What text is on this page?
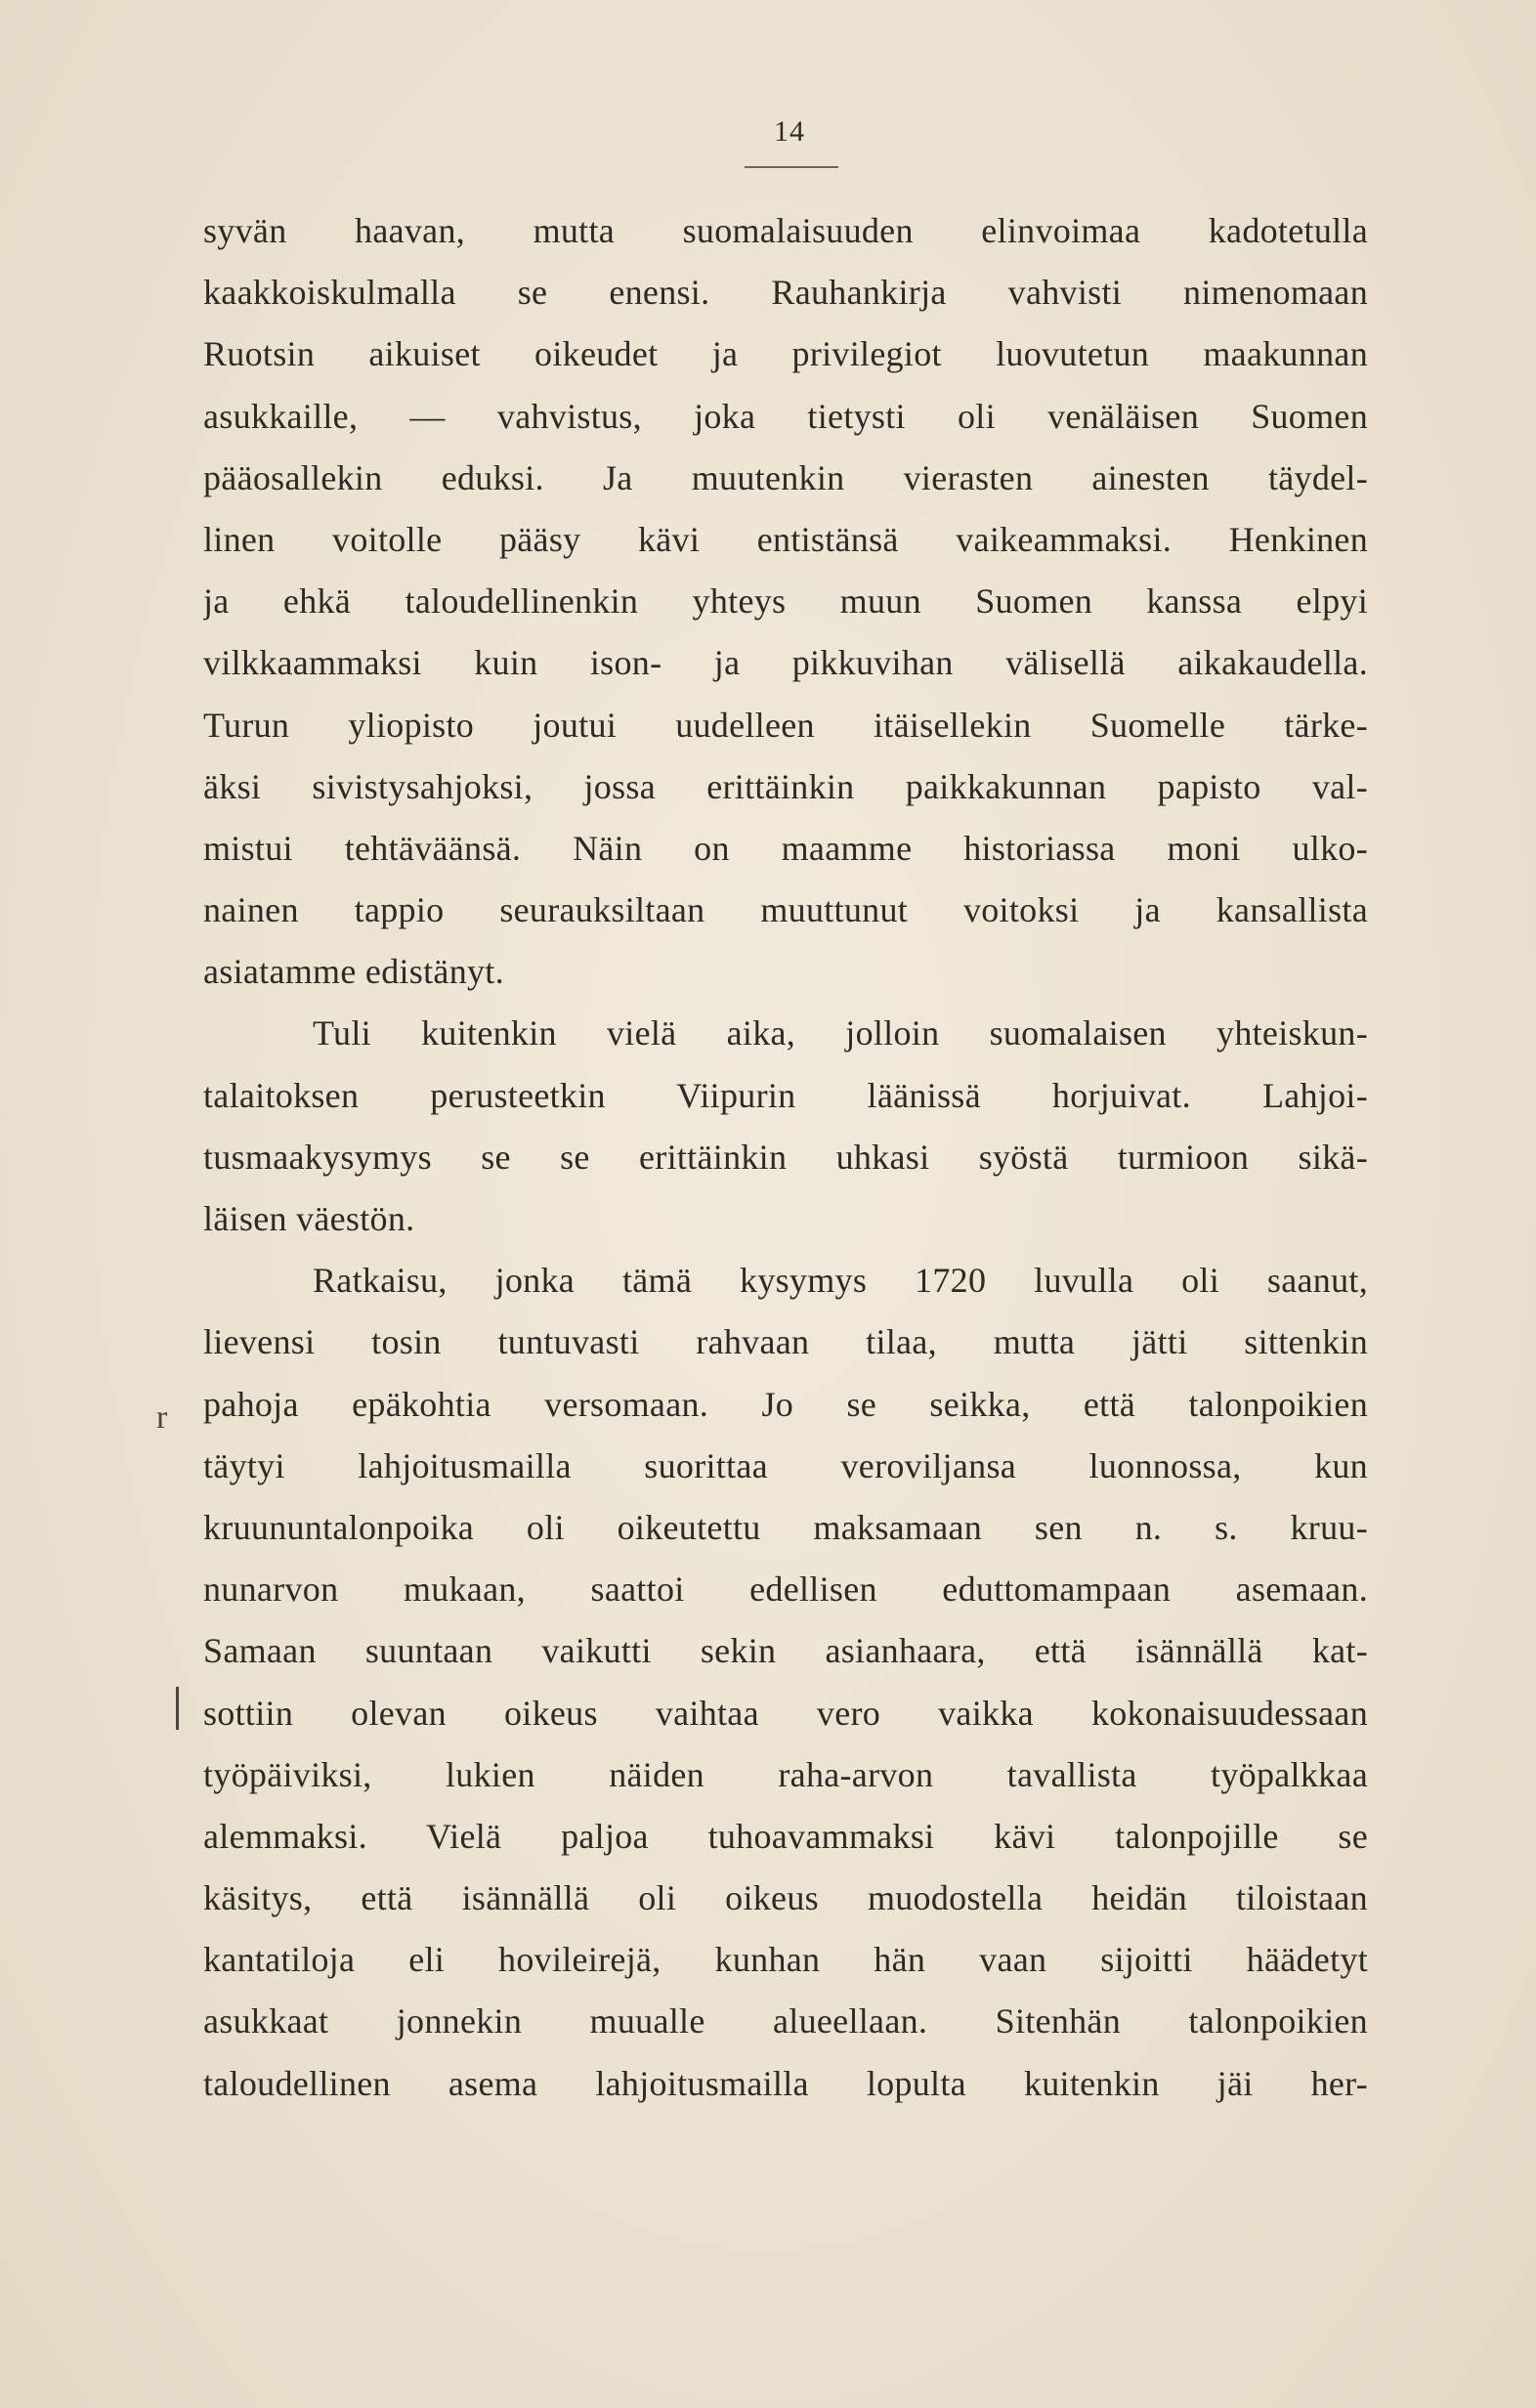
14
syvän haavan, mutta suomalaisuuden elinvoimaa kadotetulla
kaakkoiskulmalla se enensi. Rauhankirja vahvisti nimenomaan
Ruotsin aikuiset oikeudet ja privilegiot luovutetun maakunnan
asukkaille, — vahvistus, joka tietysti oli venäläisen Suomen
pääosallekin eduksi. Ja muutenkin vierasten ainesten täydel-
linen voitolle pääsy kävi entistänsä vaikeammaksi. Henkinen
ja ehkä taloudellinenkin yhteys muun Suomen kanssa elpyi
vilkkaammaksi kuin ison- ja pikkuvihan välisellä aikakaudella.
Turun yliopisto joutui uudelleen itäisellekin Suomelle tärke-
äksi sivistysahjoksi, jossa erittäinkin paikkakunnan papisto val-
mistui tehtäväänsä. Näin on maamme historiassa moni ulko-
nainen tappio seurauksiltaan muuttunut voitoksi ja kansallista
asiatamme edistänyt.
Tuli kuitenkin vielä aika, jolloin suomalaisen yhteiskun-
talaitoksen perusteetkin Viipurin läänissä horjuivat. Lahjoi-
tusmaakysymys se se erittäinkin uhkasi syöstä turmioon sikä-
läisen väestön.
Ratkaisu, jonka tämä kysymys 1720 luvulla oli saanut,
lievensi tosin tuntuvasti rahvaan tilaa, mutta jätti sittenkin
pahoja epäkohtia versomaan. Jo se seikka, että talonpoikien
täytyi lahjoitusmailla suorittaa veroviljansa luonnossa, kun
kruununtalonpoika oli oikeutettu maksamaan sen n. s. kruu-
nunarvon mukaan, saattoi edellisen eduttomampaan asemaan.
Samaan suuntaan vaikutti sekin asianhaara, että isännällä kat-
sottiin olevan oikeus vaihtaa vero vaikka kokonaisuudessaan
työpäiviksi, lukien näiden raha-arvon tavallista työpalkkaa
alemmaksi. Vielä paljoa tuhoavammaksi kävi talonpojille se
käsitys, että isännällä oli oikeus muodostella heidän tiloistaan
kantatiloja eli hovileirejä, kunhan hän vaan sijoitti häädetyt
asukkaat jonnekin muualle alueellaan. Sitenhän talonpoikien
taloudellinen asema lahjoitusmailla lopulta kuitenkin jäi her-
r
